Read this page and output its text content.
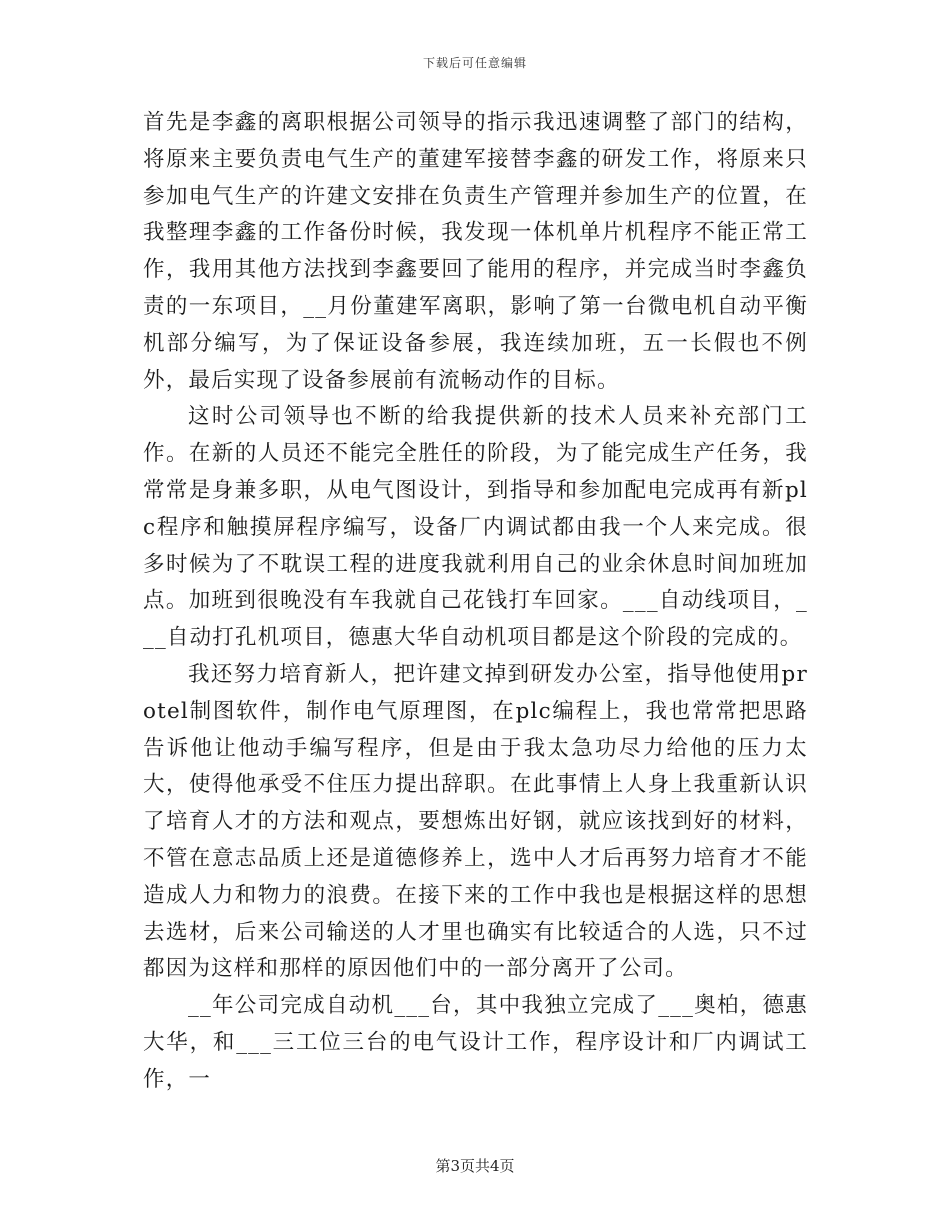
下载后可任意编辑

首先是李鑫的离职根据公司领导的指示我迅速调整了部门的结构，将原来主要负责电气生产的董建军接替李鑫的研发工作，将原来只参加电气生产的许建文安排在负责生产管理并参加生产的位置，在我整理李鑫的工作备份时候，我发现一体机单片机程序不能正常工作，我用其他方法找到李鑫要回了能用的程序，并完成当时李鑫负责的一东项目，__月份董建军离职，影响了第一台微电机自动平衡机部分编写，为了保证设备参展，我连续加班，五一长假也不例外，最后实现了设备参展前有流畅动作的目标。

这时公司领导也不断的给我提供新的技术人员来补充部门工作。在新的人员还不能完全胜任的阶段，为了能完成生产任务，我常常是身兼多职，从电气图设计，到指导和参加配电完成再有新plc程序和触摸屏程序编写，设备厂内调试都由我一个人来完成。很多时候为了不耽误工程的进度我就利用自己的业余休息时间加班加点。加班到很晚没有车我就自己花钱打车回家。___自动线项目，___自动打孔机项目，德惠大华自动机项目都是这个阶段的完成的。

我还努力培育新人，把许建文掉到研发办公室，指导他使用protel制图软件，制作电气原理图，在plc编程上，我也常常把思路告诉他让他动手编写程序，但是由于我太急功尽力给他的压力太大，使得他承受不住压力提出辞职。在此事情上人身上我重新认识了培育人才的方法和观点，要想炼出好钢，就应该找到好的材料，不管在意志品质上还是道德修养上，选中人才后再努力培育才不能造成人力和物力的浪费。在接下来的工作中我也是根据这样的思想去选材，后来公司输送的人才里也确实有比较适合的人选，只不过都因为这样和那样的原因他们中的一部分离开了公司。

__年公司完成自动机___台，其中我独立完成了___奥柏，德惠大华，和___三工位三台的电气设计工作，程序设计和厂内调试工作，一

第3页共4页
